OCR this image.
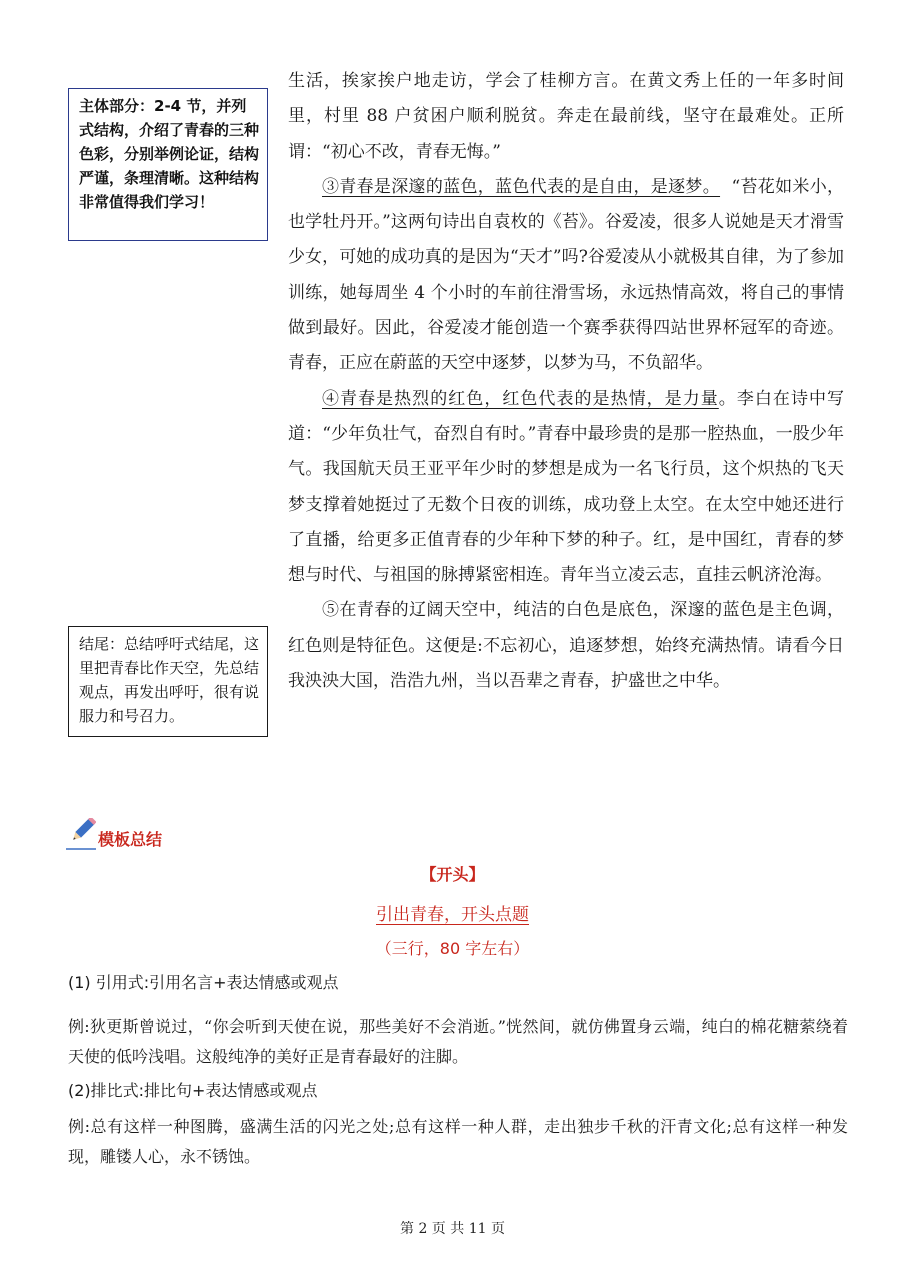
主体部分：2-4 节，并列式结构，介绍了青春的三种色彩，分别举例论证，结构严谨，条理清晰。这种结构非常值得我们学习！
结尾：总结呼吁式结尾，这里把青春比作天空，先总结观点，再发出呼吁，很有说服力和号召力。

生活，挨家挨户地走访，学会了桂柳方言。在黄文秀上任的一年多时间里，村里 88 户贫困户顺利脱贫。奔走在最前线，坚守在最难处。正所谓：“初心不改，青春无悔。”

③青春是深邃的蓝色，蓝色代表的是自由，是逐梦。 “苔花如米小，也学牡丹开。”这两句诗出自袁枚的《苔》。谷爱凌，很多人说她是天才滑雪少女，可她的成功真的是因为“天才”吗?谷爱凌从小就极其自律，为了参加训练，她每周坐 4 个小时的车前往滑雪场，永远热情高效，将自己的事情做到最好。因此，谷爱凌才能创造一个赛季获得四站世界杯冠军的奇迹。青春，正应在蔚蓝的天空中逐梦，以梦为马，不负韶华。

④青春是热烈的红色，红色代表的是热情，是力量。李白在诗中写道：“少年负壮气，奋烈自有时。”青春中最珍贵的是那一腔热血，一股少年气。我国航天员王亚平年少时的梦想是成为一名飞行员，这个炽热的飞天梦支撑着她挺过了无数个日夜的训练，成功登上太空。在太空中她还进行了直播，给更多正值青春的少年种下梦的种子。红，是中国红，青春的梦想与时代、与祖国的脉搏紧密相连。青年当立凌云志，直挂云帆济沧海。

⑤在青春的辽阔天空中，纯洁的白色是底色，深邃的蓝色是主色调，红色则是特征色。这便是:不忘初心，追逐梦想，始终充满热情。请看今日我泱泱大国，浩浩九州，当以吾辈之青春，护盛世之中华。

模板总结
【开头】
引出青春，开头点题
（三行，80 字左右）
(1) 引用式:引用名言+表达情感或观点
例:狄更斯曾说过，“你会听到天使在说，那些美好不会消逝。”恍然间，就仿佛置身云端，纯白的棉花糖萦绕着天使的低吟浅唱。这般纯净的美好正是青春最好的注脚。
(2)排比式:排比句+表达情感或观点
例:总有这样一种图腾，盛满生活的闪光之处;总有这样一种人群，走出独步千秋的汗青文化;总有这样一种发现，雕镂人心，永不锈蚀。
第 2 页 共 11 页
